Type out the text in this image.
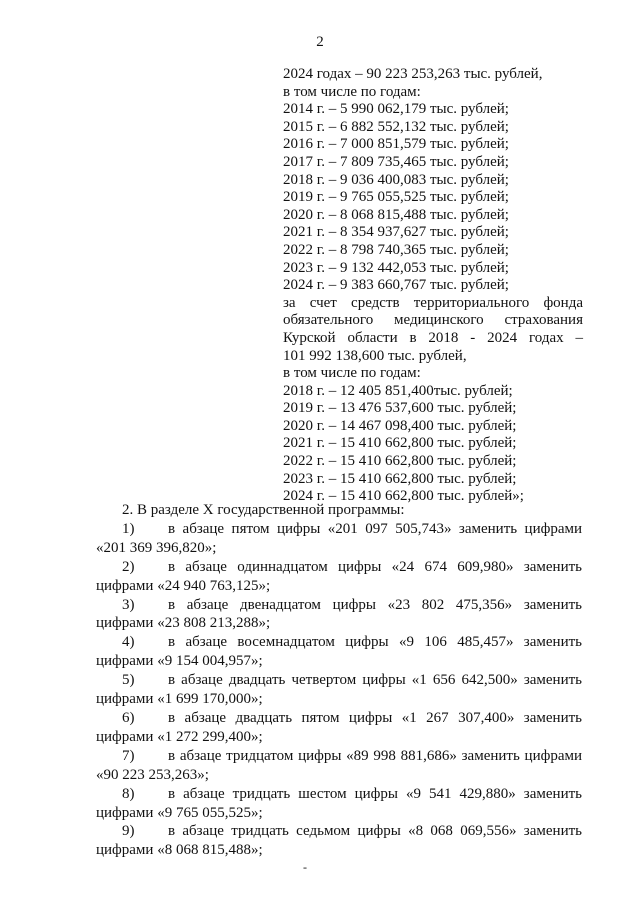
2
2024 годах – 90 223 253,263 тыс. рублей,
в том числе по годам:
2014 г. – 5 990 062,179 тыс. рублей;
2015 г. – 6 882 552,132 тыс. рублей;
2016 г. – 7 000 851,579 тыс. рублей;
2017 г. – 7 809 735,465 тыс. рублей;
2018 г. – 9 036 400,083 тыс. рублей;
2019 г. – 9 765 055,525 тыс. рублей;
2020 г. – 8 068 815,488 тыс. рублей;
2021 г. – 8 354 937,627 тыс. рублей;
2022 г. – 8 798 740,365 тыс. рублей;
2023 г. – 9 132 442,053 тыс. рублей;
2024 г. – 9 383 660,767 тыс. рублей;
за счет средств территориального фонда
обязательного медицинского страхования
Курской области в 2018 - 2024 годах –
101 992 138,600 тыс. рублей,
в том числе по годам:
2018 г. – 12 405 851,400тыс. рублей;
2019 г. – 13 476 537,600 тыс. рублей;
2020 г. – 14 467 098,400 тыс. рублей;
2021 г. – 15 410 662,800 тыс. рублей;
2022 г. – 15 410 662,800 тыс. рублей;
2023 г. – 15 410 662,800 тыс. рублей;
2024 г. – 15 410 662,800 тыс. рублей»;
2. В разделе X государственной программы:
1) в абзаце пятом цифры «201 097 505,743» заменить цифрами
«201 369 396,820»;
2) в абзаце одиннадцатом цифры «24 674 609,980» заменить
цифрами «24 940 763,125»;
3) в абзаце двенадцатом цифры «23 802 475,356» заменить
цифрами «23 808 213,288»;
4) в абзаце восемнадцатом цифры «9 106 485,457» заменить
цифрами «9 154 004,957»;
5) в абзаце двадцать четвертом цифры «1 656 642,500» заменить
цифрами «1 699 170,000»;
6) в абзаце двадцать пятом цифры «1 267 307,400» заменить
цифрами «1 272 299,400»;
7) в абзаце тридцатом цифры «89 998 881,686» заменить цифрами
«90 223 253,263»;
8) в абзаце тридцать шестом цифры «9 541 429,880» заменить
цифрами «9 765 055,525»;
9) в абзаце тридцать седьмом цифры «8 068 069,556» заменить
цифрами «8 068 815,488»;
-
